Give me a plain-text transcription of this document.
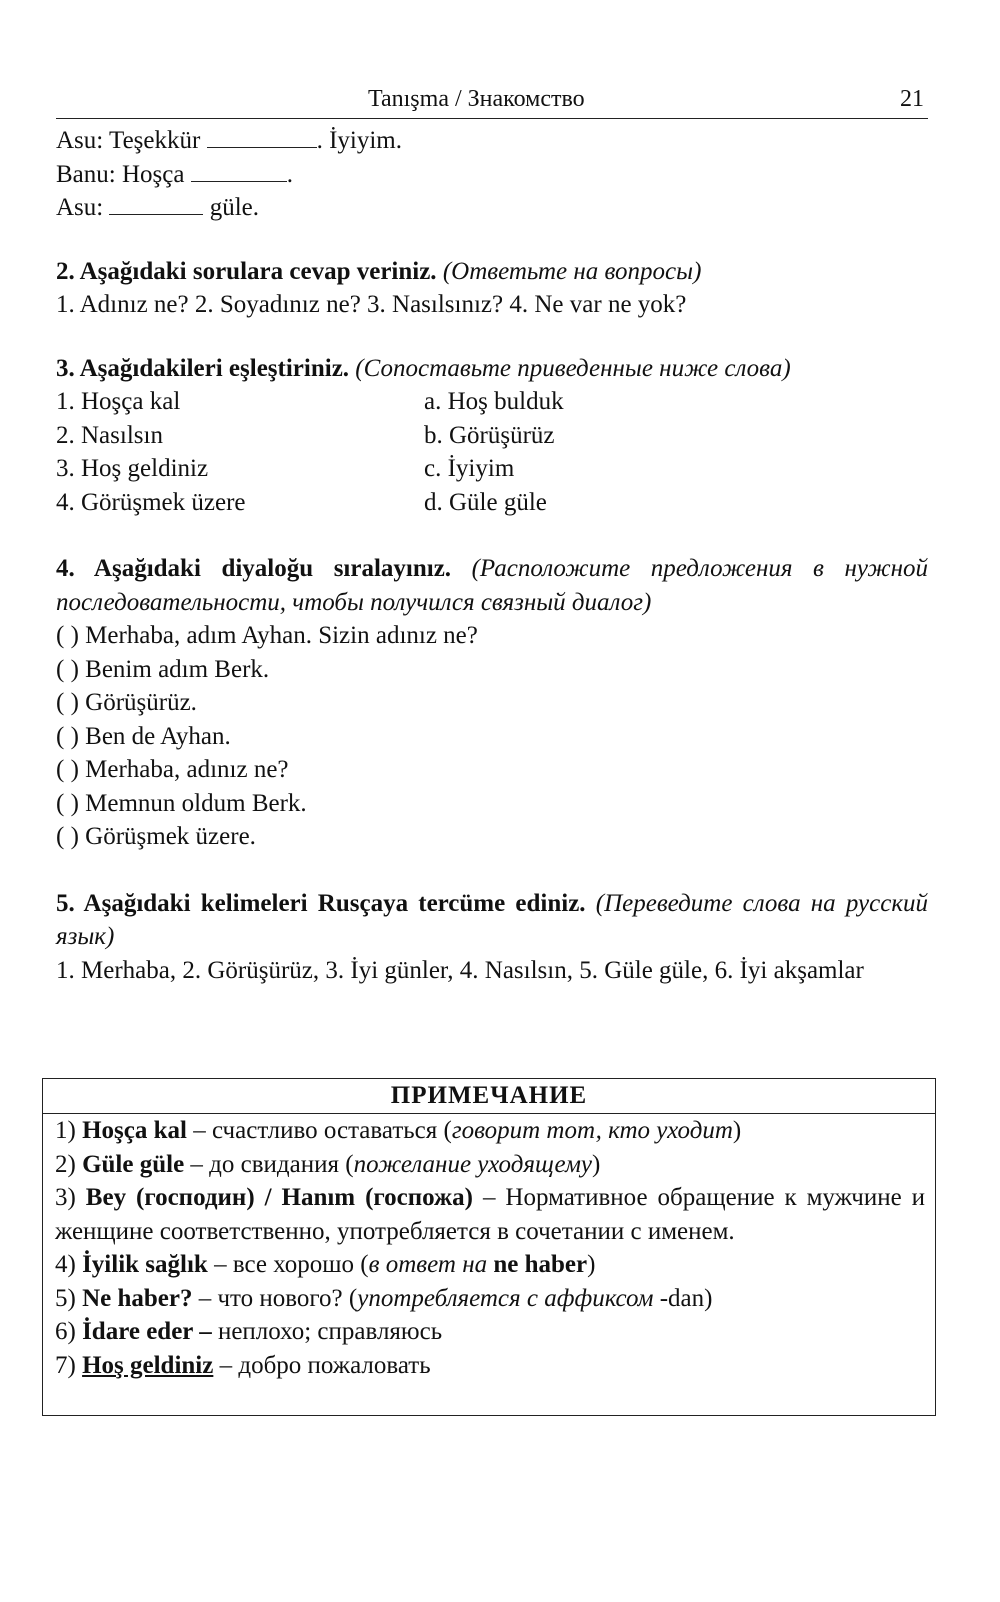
Tanışma / Знакомство	21
Asu: Teşekkür	. İyiyim.
Banu: Hoşça	.
Asu:	güle.
2. Aşağıdaki sorulara cevap veriniz. (Ответьте на вопросы)
1. Adınız ne? 2. Soyadınız ne? 3. Nasılsınız? 4. Ne var ne yok?
3. Aşağıdakileri eşleştiriniz. (Сопоставьте приведенные ниже слова)
1. Hoşça kal	a. Hoş bulduk
2. Nasılsın	b. Görüşürüz
3. Hoş geldiniz	c. İyiyim
4. Görüşmek üzere	d. Güle güle
4. Aşağıdaki diyaloğu sıralayınız. (Расположите предложения в нужной последовательности, чтобы получился связный диалог)
( ) Merhaba, adım Ayhan. Sizin adınız ne?
( ) Benim adım Berk.
( ) Görüşürüz.
( ) Ben de Ayhan.
( ) Merhaba, adınız ne?
( ) Memnun oldum Berk.
( ) Görüşmek üzere.
5. Aşağıdaki kelimeleri Rusçaya tercüme ediniz. (Переведите слова на русский язык)
1. Merhaba, 2. Görüşürüz, 3. İyi günler, 4. Nasılsın, 5. Güle güle, 6. İyi akşamlar
ПРИМЕЧАНИЕ
1) Hoşça kal – счастливо оставаться (говорит тот, кто уходит)
2) Güle güle – до свидания (пожелание уходящему)
3) Bey (господин) / Hanım (госпожа) – Нормативное обращение к мужчине и женщине соответственно, употребляется в сочетании с именем.
4) İyilik sağlık – все хорошо (в ответ на ne haber)
5) Ne haber? – что нового? (употребляется с аффиксом -dan)
6) İdare eder – неплохо; справляюсь
7) Hoş geldiniz – добро пожаловать
